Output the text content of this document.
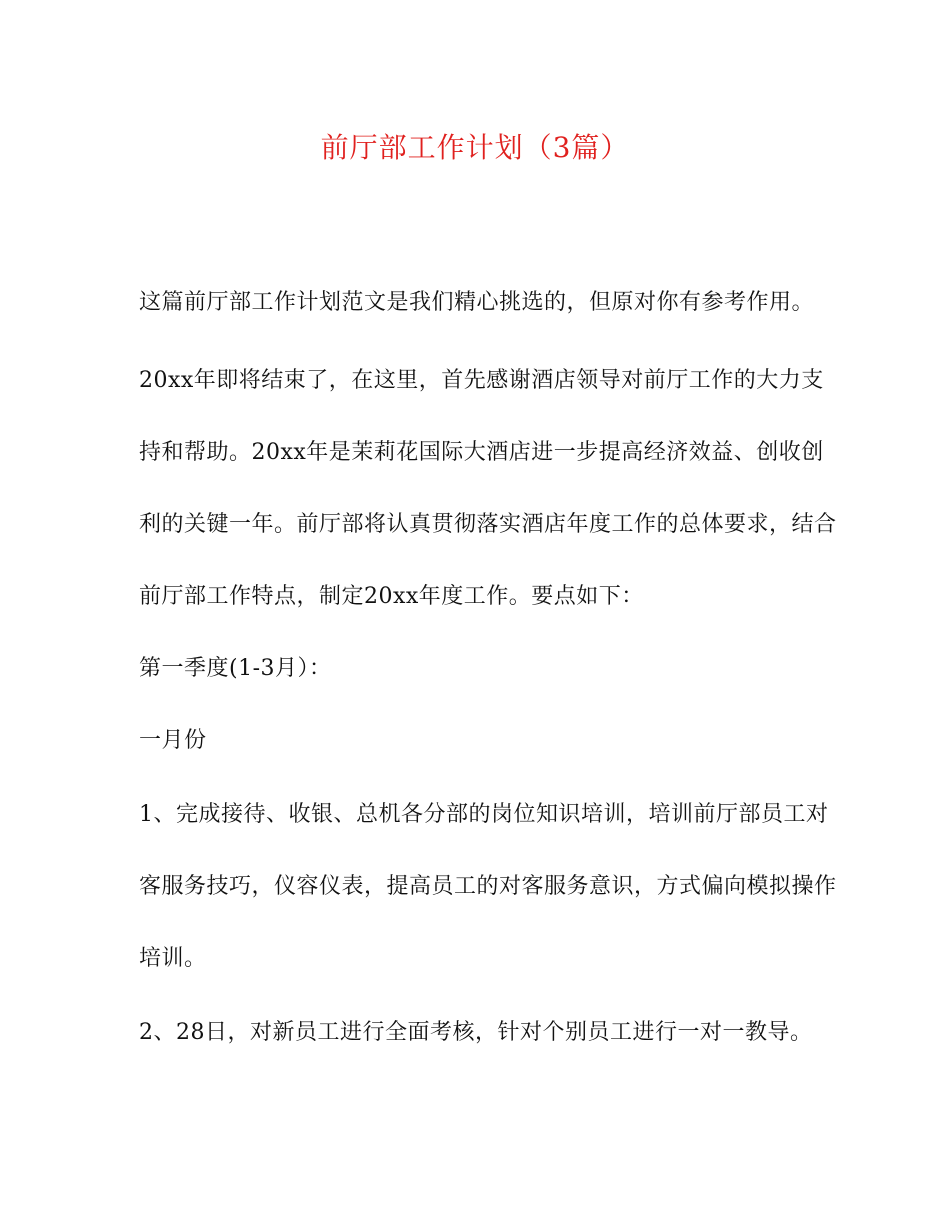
前厅部工作计划（3篇）
这篇前厅部工作计划范文是我们精心挑选的，但原对你有参考作用。
20xx年即将结束了，在这里，首先感谢酒店领导对前厅工作的大力支
持和帮助。20xx年是茉莉花国际大酒店进一步提高经济效益、创收创
利的关键一年。前厅部将认真贯彻落实酒店年度工作的总体要求，结合
前厅部工作特点，制定20xx年度工作。要点如下：
第一季度(1-3月）：
一月份
1、完成接待、收银、总机各分部的岗位知识培训，培训前厅部员工对
客服务技巧，仪容仪表，提高员工的对客服务意识，方式偏向模拟操作
培训。
2、28日，对新员工进行全面考核，针对个别员工进行一对一教导。
